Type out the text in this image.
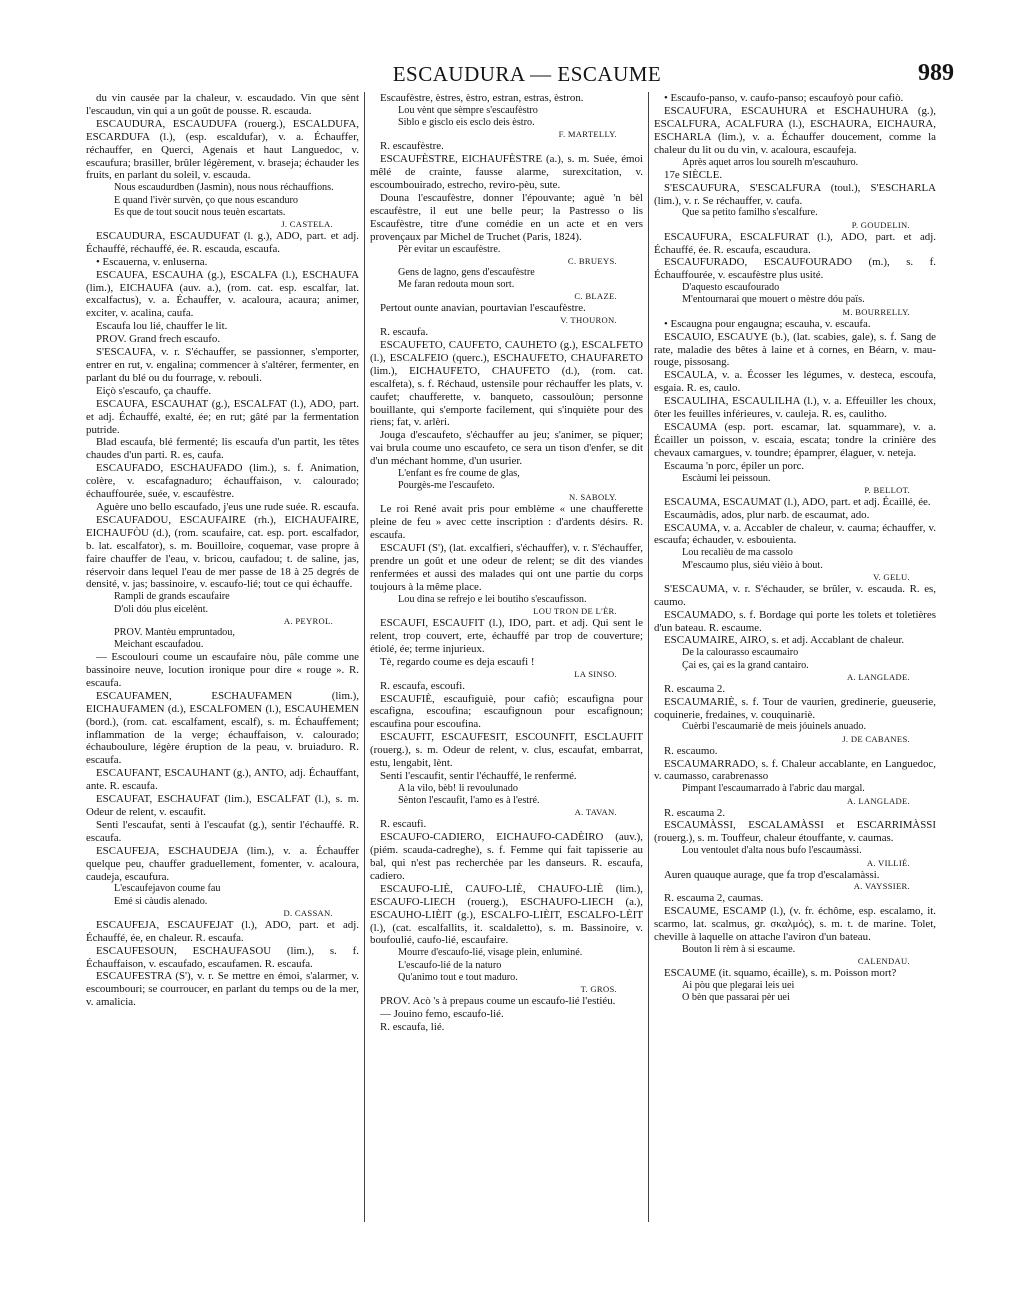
ESCAUDURA — ESCAUME	989

du vin causée par la chaleur, v. escaudado. Vin que sènt l'escaudun, vin qui a un goût de pousse. R. escauda.

ESCAUDURA, ESCAUDUFA (rouerg.), ESCALDUFA, ESCARDUFA (l.), (esp. escaldufar), v. a. Échauffer, réchauffer, en Querci, Agenais et haut Languedoc, v. escaufura; brasiller, brûler légèrement, v. braseja; échauder les fruits, en parlant du soleil, v. escauda.

Nous escaudurdben (Jasmin), nous nous réchauffions.

E quand l'ivèr survèn, ço que nous escanduro
Es que de tout soucit nous teuèn escartats.

J. CASTELA.

ESCAUDURA, ESCAUDUFAT (l. g.), ADO, part. et adj. Échauffé, réchauffé, ée. R. escauda, escaufa.

• Escauerna, v. enluserna.

ESCAUFA, ESCAUHA (g.), ESCALFA (l.), ESCHAUFA (lim.), EICHAUFA (auv. a.), (rom. cat. esp. escalfar, lat. excalfactus), v. a. Échauffer, v. acaloura, acaura; animer, exciter, v. acalina, caufa.

Escaufa lou lié, chauffer le lit.

PROV. Grand frech escaufo.

S'ESCAUFA, v. r. S'échauffer, se passionner, s'emporter, entrer en rut, v. engalina; commencer à s'altérer, fermenter, en parlant du blé ou du fourrage, v. rebouli.

Eiçò s'escaufo, ça chauffe.

ESCAUFA, ESCAUHAT (g.), ESCALFAT (l.), ADO, part. et adj. Échauffé, exalté, ée; en rut; gâté par la fermentation putride.

Blad escaufa, blé fermenté; lis escaufa d'un partit, les têtes chaudes d'un parti. R. es, caufa.

ESCAUFADO, ESCHAUFADO (lim.), s. f. Animation, colère, v. escafagnaduro; échauffaison, v. calourado; échauffourée, suée, v. escaufèstre.

Aguère uno bello escaufado, j'eus une rude suée. R. escaufa.

ESCAUFADOU, ESCAUFAIRE (rh.), EICHAUFAIRE, EICHAUFÒU (d.), (rom. scaufaire, cat. esp. port. escalfador, b. lat. escalfator), s. m. Bouilloire, coquemar, vase propre à faire chauffer de l'eau, v. bricou, caufadou; t. de saline, jas, réservoir dans lequel l'eau de mer passe de 18 à 25 degrés de densité, v. jas; bassinoire, v. escaufo-lié; tout ce qui échauffe.

Rampli de grands escaufaire
D'oli dóu plus eicelènt.

A. PEYROL.

PROV. Mantèu empruntadou,
Meichant escaufadou.

— Escoulouri coume un escaufaire nòu, pâle comme une bassinoire neuve, locution ironique pour dire « rouge ». R. escaufa.

ESCAUFAMEN, ESCHAUFAMEN (lim.), EICHAUFAMEN (d.), ESCALFOMEN (l.), ESCAUHEMEN (bord.), (rom. cat. escalfament, escalf), s. m. Échauffement; inflammation de la verge; échauffaison, v. calourado; échauboulure, légère éruption de la peau, v. bruiaduro. R. escaufa.

ESCAUFANT, ESCAUHANT (g.), ANTO, adj. Échauffant, ante. R. escaufa.

ESCAUFAT, ESCHAUFAT (lim.), ESCALFAT (l.), s. m. Odeur de relent, v. escaufit.

Senti l'escaufat, senti à l'escaufat (g.), sentir l'échauffé. R. escaufa.

ESCAUFEJA, ESCHAUDEJA (lim.), v. a. Échauffer quelque peu, chauffer graduellement, fomenter, v. acaloura, caudeja, escaufura.

L'escaufejavon coume fau
Emé si càudis alenado.

D. CASSAN.

ESCAUFEJA, ESCAUFEJAT (l.), ADO, part. et adj. Échauffé, ée, en chaleur. R. escaufa.

ESCAUFESOUN, ESCHAUFASOU (lim.), s. f. Échauffaison, v. escaufado, escaufamen. R. escaufa.

ESCAUFESTRA (S'), v. r. Se mettre en émoi, s'alarmer, v. escoumbouri; se courroucer, en parlant du temps ou de la mer, v. amalicia.

Escaufèstre, èstres, èstro, estran, estras, èstron.

Lou vènt que sèmpre s'escaufèstro
Siblo e gisclo eis esclo deis èstro.

F. MARTELLY.

R. escaufèstre.

ESCAUFÈSTRE, EICHAUFÈSTRE (a.), s. m. Suée, émoi mêlé de crainte, fausse alarme, surexcitation, v. escoumbouirado, estrecho, reviro-pèu, sute.

Douna l'escaufèstre, donner l'épouvante; aguè 'n bèl escaufèstre, il eut une belle peur; la Pastresso o lis Escaufèstre, titre d'une comédie en un acte et en vers provençaux par Michel de Truchet (Paris, 1824).

Pèr evitar un escaufèstre.

C. BRUEYS.

Gens de lagno, gens d'escaufèstre
Me faran redouta moun sort.

C. BLAZE.

Pertout ounte anavian, pourtavian l'escaufèstre.

V. THOURON.

R. escaufa.

ESCAUFETO, CAUFETO, CAUHETO (g.), ESCALFETO (l.), ESCALFEIO (querc.), ESCHAUFETO, CHAUFARETO (lim.), EICHAUFETO, CHAUFETO (d.), (rom. cat. escalfeta), s. f. Réchaud, ustensile pour réchauffer les plats, v. caufet; chaufferette, v. banqueto, cassoulòun; personne bouillante, qui s'emporte facilement, qui s'inquiète pour des riens; fat, v. arlèri.

Jouga d'escaufeto, s'échauffer au jeu; s'animer, se piquer; vai brula coume uno escaufeto, ce sera un tison d'enfer, se dit d'un méchant homme, d'un usurier.

L'enfant es fre coume de glas,
Pourgès-me l'escaufeto.

N. SABOLY.

Le roi René avait pris pour emblème « une chaufferette pleine de feu » avec cette inscription : d'ardents désirs. R. escaufa.

ESCAUFI (S'), (lat. excalfieri, s'échauffer), v. r. S'échauffer, prendre un goût et une odeur de relent; se dit des viandes renfermées et aussi des malades qui ont une partie du corps toujours à la même place.

Lou dina se refrejo e lei boutiho s'escaufisson.

LOU TRON DE L'ÈR.

ESCAUFI, ESCAUFIT (l.), IDO, part. et adj. Qui sent le relent, trop couvert, erte, échauffé par trop de couverture; étiolé, ée; terme injurieux.

Tè, regardo coume es deja escaufi !

LA SINSO.

R. escaufa, escoufi.

ESCAUFIÈ, escaufiguiè, pour cafiò; escaufigna pour escafigna, escoufina; escaufignoun pour escafignoun; escaufina pour escoufina.

ESCAUFIT, ESCAUFESIT, ESCOUNFIT, ESCLAUFIT (rouerg.), s. m. Odeur de relent, v. clus, escaufat, embarrat, estu, lengabit, lènt.

Senti l'escaufit, sentir l'échauffé, le renfermé.

A la vilo, bèb! li revoulunado
Sènton l'escaufit, l'amo es à l'estré.

A. TAVAN.

R. escaufi.

ESCAUFO-CADIERO, EICHAUFO-CADÈIRO (auv.), (piém. scauda-cadreghe), s. f. Femme qui fait tapisserie au bal, qui n'est pas recherchée par les danseurs. R. escaufa, cadiero.

ESCAUFO-LIÈ, CAUFO-LIÈ, CHAUFO-LIÈ (lim.), ESCAUFO-LIECH (rouerg.), ESCHAUFO-LIECH (a.), ESCAUHO-LIÈIT (g.), ESCALFO-LIÈIT, ESCALFO-LÈIT (l.), (cat. escalfallits, it. scaldaletto), s. m. Bassinoire, v. boufoulié, caufo-lié, escaufaire.

Mourre d'escaufo-lié, visage plein, enluminé.

L'escaufo-lié de la naturo
Qu'animo tout e tout maduro.

T. GROS.

PROV. Acò 's à prepaus coume un escaufo-lié l'estiéu.

— Jouino femo, escaufo-lié.

R. escaufa, lié.

• Escaufo-panso, v. caufo-panso; escaufoyò pour cafiò.

ESCAUFURA, ESCAUHURA et ESCHAUHURA (g.), ESCALFURA, ACALFURA (l.), ESCHAURA, EICHAURA, ESCHARLA (lim.), v. a. Échauffer doucement, comme la chaleur du lit ou du vin, v. acaloura, escaufeja.

Après aquet arros lou sourelh m'escauhuro.

17e SIÈCLE.

S'ESCAUFURA, S'ESCALFURA (toul.), S'ESCHARLA (lim.), v. r. Se réchauffer, v. caufa.

Que sa petito familho s'escalfure.

P. GOUDELIN.

ESCAUFURA, ESCALFURAT (l.), ADO, part. et adj. Échauffé, ée. R. escaufa, escaudura.

ESCAUFURADO, ESCAUFOURADO (m.), s. f. Échauffourée, v. escaufèstre plus usité.

D'aquesto escaufourado
M'entournarai que mouert o mèstre dóu païs.

M. BOURRELLY.

• Escaugna pour engaugna; escauha, v. escaufa.

ESCAUIO, ESCAUYE (b.), (lat. scabies, gale), s. f. Sang de rate, maladie des bêtes à laine et à cornes, en Béarn, v. mau-rouge, pissosang.

ESCAULA, v. a. Écosser les légumes, v. desteca, escoufa, esgaia. R. es, caulo.

ESCAULIHA, ESCAULILHA (l.), v. a. Effeuiller les choux, ôter les feuilles inférieures, v. cauleja. R. es, caulitho.

ESCAUMA (esp. port. escamar, lat. squammare), v. a. Écailler un poisson, v. escaia, escata; tondre la crinière des chevaux camargues, v. toundre; épamprer, élaguer, v. neteja.

Escauma 'n porc, épiler un porc.

Escàumi lei peissoun.

P. BELLOT.

ESCAUMA, ESCAUMAT (l.), ADO, part. et adj. Écaillé, ée.

Escaumàdis, ados, plur narb. de escaumat, ado.

ESCAUMA, v. a. Accabler de chaleur, v. cauma; échauffer, v. escaufa; échauder, v. esbouienta.

Lou recalièu de ma cassolo
M'escaumo plus, siéu vièio à bout.

V. GELU.

S'ESCAUMA, v. r. S'échauder, se brûler, v. escauda. R. es, caumo.

ESCAUMADO, s. f. Bordage qui porte les tolets et toletières d'un bateau. R. escaume.

ESCAUMAIRE, AIRO, s. et adj. Accablant de chaleur.

De la calourasso escaumairo
Çai es, çai es la grand cantairo.

A. LANGLADE.

R. escauma 2.

ESCAUMARIÈ, s. f. Tour de vaurien, gredinerie, gueuserie, coquinerie, fredaines, v. couquinariè.

Cuèrbi l'escaumariè de meis jóuinels anuado.

J. DE CABANES.

R. escaumo.

ESCAUMARRADO, s. f. Chaleur accablante, en Languedoc, v. caumasso, carabrenasso

Pimpant l'escaumarrado à l'abric dau margal.

A. LANGLADE.

R. escauma 2.

ESCAUMÀSSI, ESCALAMÀSSI et ESCARRIMÀSSI (rouerg.), s. m. Touffeur, chaleur étouffante, v. caumas.

Lou ventoulet d'alta nous bufo l'escaumàssi.

A. VILLIÉ.

Auren quauque aurage, que fa trop d'escalamàssi.

A. VAYSSIER.

R. escauma 2, caumas.

ESCAUME, ESCAMP (l.), (v. fr. échôme, esp. escalamo, it. scarmo, lat. scalmus, gr. σκαλμός), s. m. t. de marine. Tolet, cheville à laquelle on attache l'aviron d'un bateau.

Bouton li rèm à si escaume.

CALENDAU.

ESCAUME (it. squamo, écaille), s. m. Poisson mort?

Ai pòu que plegarai leis uei
O bèn que passarai pèr uei
